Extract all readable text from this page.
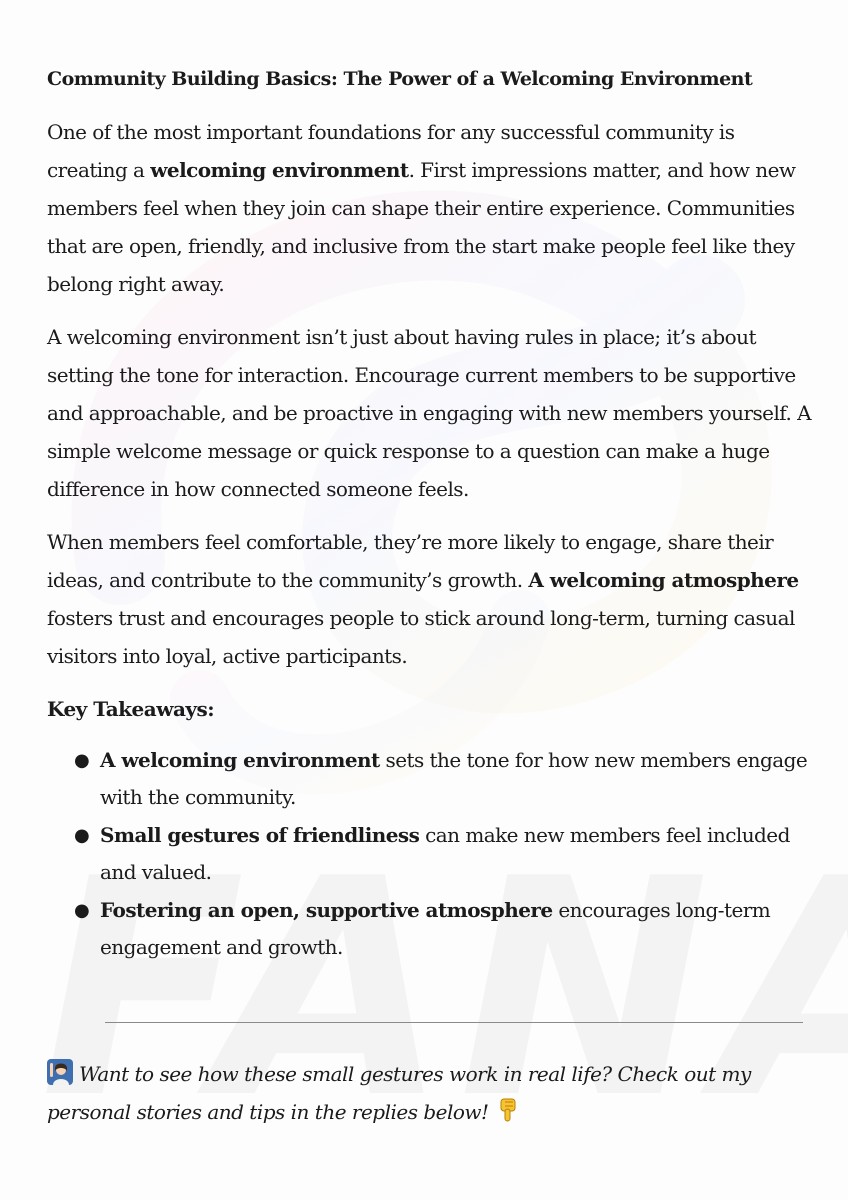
Community Building Basics: The Power of a Welcoming Environment

One of the most important foundations for any successful community is creating a welcoming environment. First impressions matter, and how new members feel when they join can shape their entire experience. Communities that are open, friendly, and inclusive from the start make people feel like they belong right away.

A welcoming environment isn’t just about having rules in place; it’s about setting the tone for interaction. Encourage current members to be supportive and approachable, and be proactive in engaging with new members yourself. A simple welcome message or quick response to a question can make a huge difference in how connected someone feels.

When members feel comfortable, they’re more likely to engage, share their ideas, and contribute to the community’s growth. A welcoming atmosphere fosters trust and encourages people to stick around long-term, turning casual visitors into loyal, active participants.

Key Takeaways:
● A welcoming environment sets the tone for how new members engage with the community.
● Small gestures of friendliness can make new members feel included and valued.
● Fostering an open, supportive atmosphere encourages long-term engagement and growth.
Want to see how these small gestures work in real life? Check out my personal stories and tips in the replies below!
